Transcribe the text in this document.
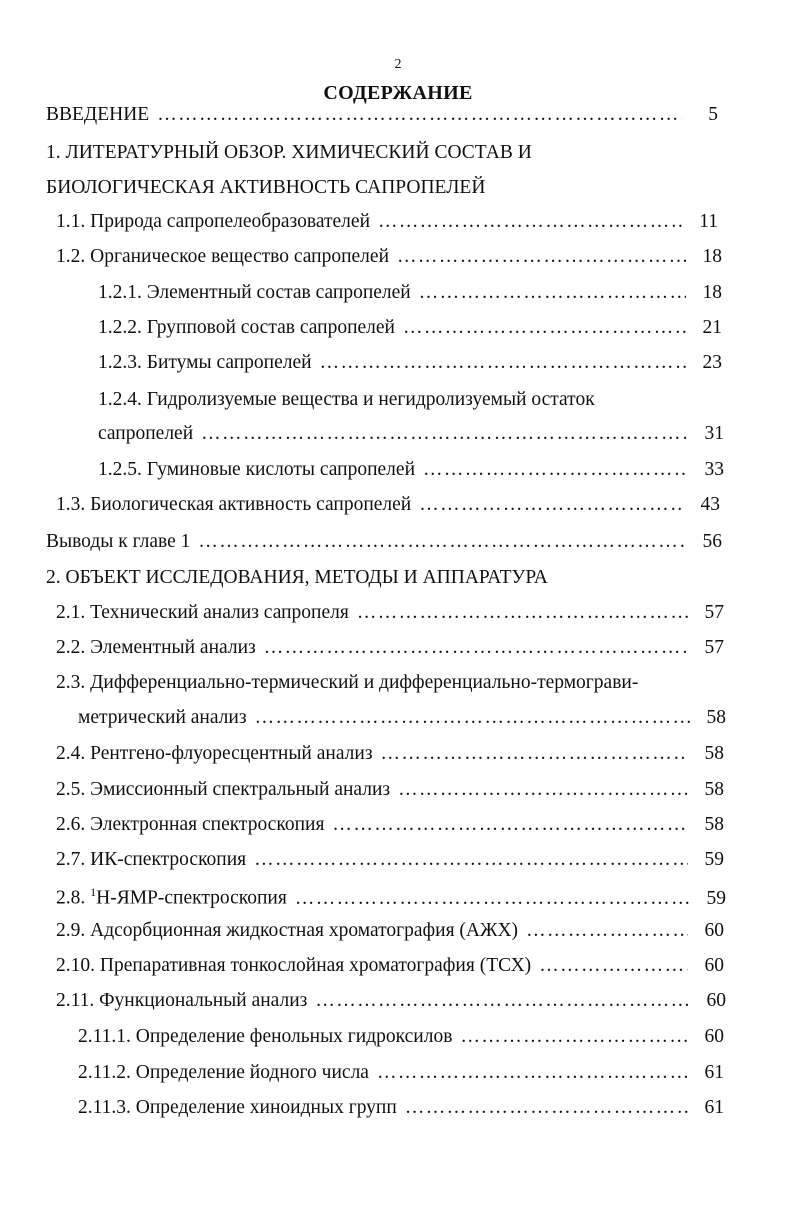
2
СОДЕРЖАНИЕ
ВВЕДЕНИЕ …………………………………………………………………………………………………………………………………………………………	5
1. ЛИТЕРАТУРНЫЙ ОБЗОР. ХИМИЧЕСКИЙ СОСТАВ И
БИОЛОГИЧЕСКАЯ АКТИВНОСТЬ САПРОПЕЛЕЙ
1.1. Природа сапропелеобразователей …………………………………………………………………………………………………………………………………………………………	11
1.2. Органическое вещество сапропелей …………………………………………………………………………………………………………………………………………………………	18
1.2.1. Элементный состав сапропелей …………………………………………………………………………………………………………………………………………………………	18
1.2.2. Групповой состав сапропелей …………………………………………………………………………………………………………………………………………………………	21
1.2.3. Битумы сапропелей …………………………………………………………………………………………………………………………………………………………	23
1.2.4. Гидролизуемые вещества и негидролизуемый остаток
сапропелей …………………………………………………………………………………………………………………………………………………………	31
1.2.5. Гуминовые кислоты сапропелей …………………………………………………………………………………………………………………………………………………………	33
1.3. Биологическая активность сапропелей …………………………………………………………………………………………………………………………………………………………	43
Выводы к главе 1 …………………………………………………………………………………………………………………………………………………………	56
2. ОБЪЕКТ ИССЛЕДОВАНИЯ, МЕТОДЫ И АППАРАТУРА
2.1. Технический анализ сапропеля …………………………………………………………………………………………………………………………………………………………	57
2.2. Элементный анализ …………………………………………………………………………………………………………………………………………………………	57
2.3. Дифференциально-термический и дифференциально-термограви-
метрический анализ …………………………………………………………………………………………………………………………………………………………	58
2.4. Рентгено-флуоресцентный анализ …………………………………………………………………………………………………………………………………………………………	58
2.5. Эмиссионный спектральный анализ …………………………………………………………………………………………………………………………………………………………	58
2.6. Электронная спектроскопия …………………………………………………………………………………………………………………………………………………………	58
2.7. ИК-спектроскопия …………………………………………………………………………………………………………………………………………………………	59
2.8. $^1$Н-ЯМР-спектроскопия …………………………………………………………………………………………………………………………………………………………	59
2.9. Адсорбционная жидкостная хроматография (АЖХ) …………………………………………………………………………………………………………………………………………………………	60
2.10. Препаративная тонкослойная хроматография (ТСХ) …………………………………………………………………………………………………………………………………………………………	60
2.11. Функциональный анализ …………………………………………………………………………………………………………………………………………………………	60
2.11.1. Определение фенольных гидроксилов …………………………………………………………………………………………………………………………………………………………	60
2.11.2. Определение йодного числа …………………………………………………………………………………………………………………………………………………………	61
2.11.3. Определение хиноидных групп …………………………………………………………………………………………………………………………………………………………	61
